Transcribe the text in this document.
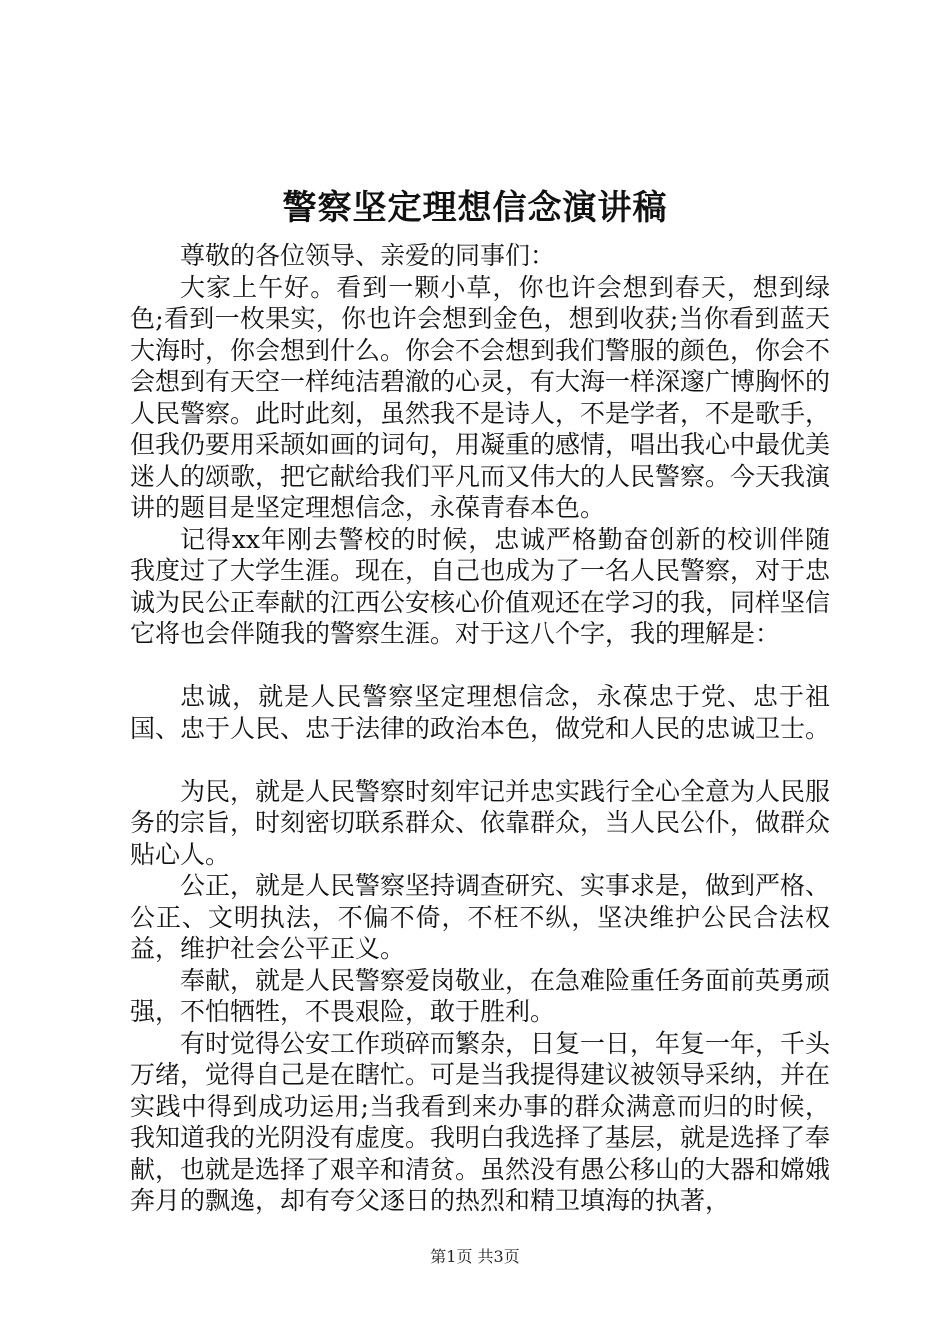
警察坚定理想信念演讲稿

尊敬的各位领导、亲爱的同事们：

大家上午好。看到一颗小草，你也许会想到春天，想到绿色;看到一枚果实，你也许会想到金色，想到收获;当你看到蓝天大海时，你会想到什么。你会不会想到我们警服的颜色，你会不会想到有天空一样纯洁碧澈的心灵，有大海一样深邃广博胸怀的人民警察。此时此刻，虽然我不是诗人，不是学者，不是歌手，但我仍要用采颉如画的词句，用凝重的感情，唱出我心中最优美迷人的颂歌，把它献给我们平凡而又伟大的人民警察。今天我演讲的题目是坚定理想信念，永葆青春本色。

记得xx年刚去警校的时候，忠诚严格勤奋创新的校训伴随我度过了大学生涯。现在，自己也成为了一名人民警察，对于忠诚为民公正奉献的江西公安核心价值观还在学习的我，同样坚信它将也会伴随我的警察生涯。对于这八个字，我的理解是：

忠诚，就是人民警察坚定理想信念，永葆忠于党、忠于祖国、忠于人民、忠于法律的政治本色，做党和人民的忠诚卫士。

为民，就是人民警察时刻牢记并忠实践行全心全意为人民服务的宗旨，时刻密切联系群众、依靠群众，当人民公仆，做群众贴心人。

公正，就是人民警察坚持调查研究、实事求是，做到严格、公正、文明执法，不偏不倚，不枉不纵，坚决维护公民合法权益，维护社会公平正义。

奉献，就是人民警察爱岗敬业，在急难险重任务面前英勇顽强，不怕牺牲，不畏艰险，敢于胜利。

有时觉得公安工作琐碎而繁杂，日复一日，年复一年，千头万绪，觉得自己是在瞎忙。可是当我提得建议被领导采纳，并在实践中得到成功运用;当我看到来办事的群众满意而归的时候，我知道我的光阴没有虚度。我明白我选择了基层，就是选择了奉献，也就是选择了艰辛和清贫。虽然没有愚公移山的大器和嫦娥奔月的飘逸，却有夸父逐日的热烈和精卫填海的执著，

第1页 共3页
